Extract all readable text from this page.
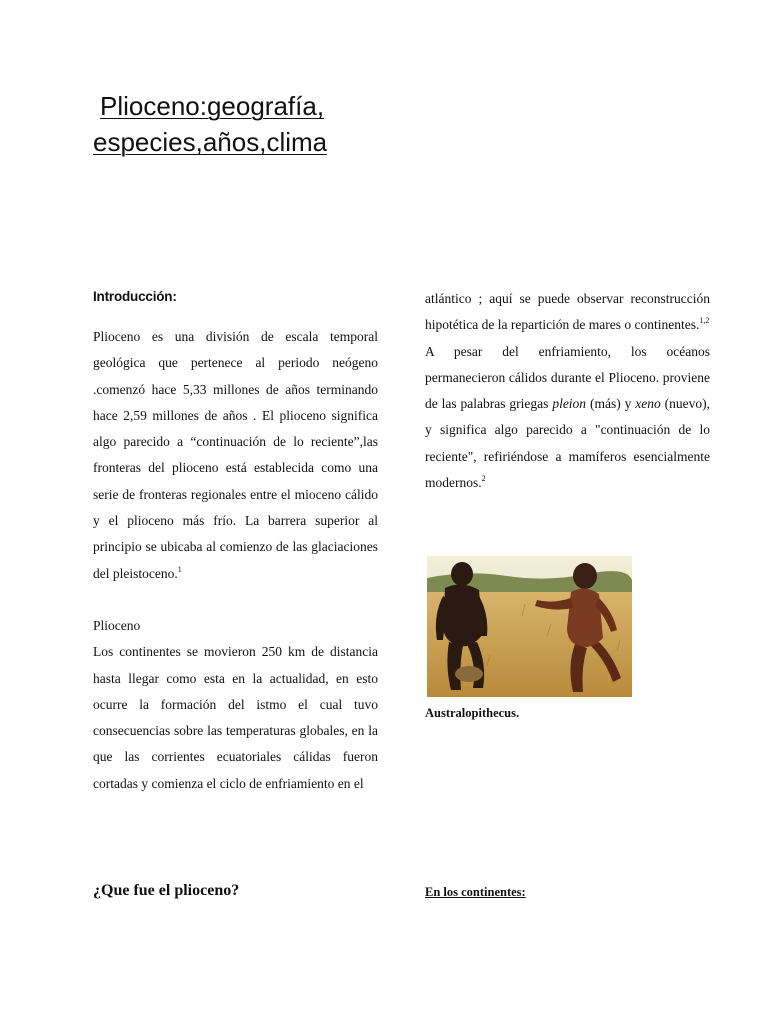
Plioceno:geografía,
especies,años,clima
Introducción:

Plioceno es una división de escala temporal geológica que pertenece al periodo neógeno .comenzó hace 5,33 millones de años terminando hace 2,59 millones de años . El plioceno significa algo parecido a “continuación de lo reciente”,las fronteras del plioceno está establecida como una serie de fronteras regionales entre el mioceno cálido y el plioceno más frío. La barrera superior al principio se ubicaba al comienzo de las glaciaciones del pleistoceno.$^1$

Plioceno

Los continentes se movieron 250 km de distancia hasta llegar como esta en la actualidad, en esto ocurre la formación del istmo el cual tuvo consecuencias sobre las temperaturas globales, en la que las corrientes ecuatoriales cálidas fueron cortadas y comienza el ciclo de enfriamiento en el

atlántico ; aquí se puede observar reconstrucción hipotética de la repartición de mares o continentes.$^{1,2}$

A pesar del enfriamiento, los océanos permanecieron cálidos durante el Plioceno. proviene de las palabras griegas pleion (más) y xeno (nuevo), y significa algo parecido a "continuación de lo reciente", refiriéndose a mamíferos esencialmente modernos.$^2$

Australopithecus.
¿Que fue el plioceno?	En los continentes:
